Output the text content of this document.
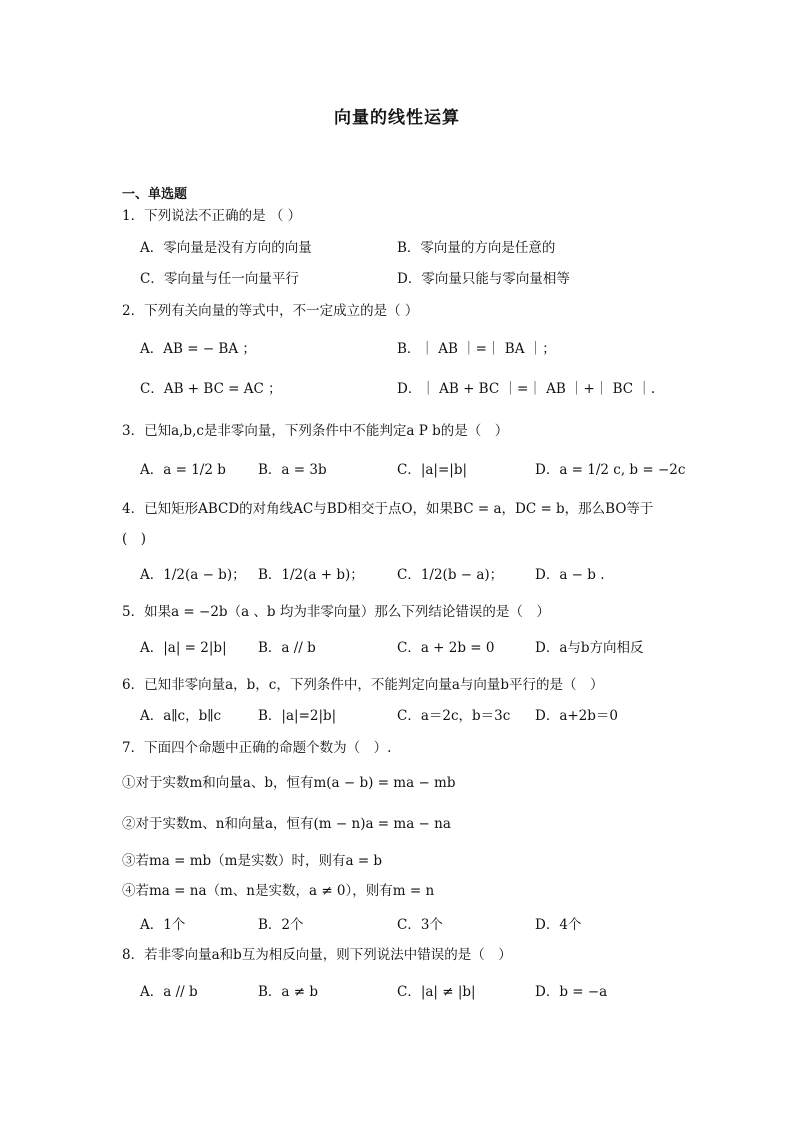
向量的线性运算
一、单选题
1．下列说法不正确的是 （ ）
A．零向量是没有方向的向量	B．零向量的方向是任意的
C．零向量与任一向量平行	D．零向量只能与零向量相等
2．下列有关向量的等式中，不一定成立的是（ ）
A．AB = − BA ；	B．｜ AB ｜=｜ BA ｜；
C．AB + BC = AC ；	D．｜ AB + BC ｜=｜ AB ｜+｜ BC ｜.
3．已知a,b,c是非零向量，下列条件中不能判定a P b的是（　）
A．a = 1/2 b B．a = 3b	C．|a|=|b|	D．a = 1/2 c, b = −2c
4．已知矩形ABCD的对角线AC与BD相交于点O，如果BC = a，DC = b，那么BO等于
(　)
A．1/2(a − b)； B．1/2(a + b)； C．1/2(b − a)； D．a − b .
5．如果a = −2b（a 、b 均为非零向量）那么下列结论错误的是（　）
A．|a| = 2|b| B．a // b	C．a + 2b = 0	D．a与b方向相反
6．已知非零向量a，b，c，下列条件中，不能判定向量a与向量b平行的是（　）
A．a∥c，b∥c	B．|a|=2|b|	C．a＝2c，b＝3c D．a+2b＝0
7．下面四个命题中正确的命题个数为（　）.
①对于实数m和向量a、b，恒有m(a − b) = ma − mb
②对于实数m、n和向量a，恒有(m − n)a = ma − na
③若ma = mb（m是实数）时，则有a = b
④若ma = na（m、n是实数，a ≠ 0），则有m = n
A．1个	B．2个	C．3个	D．4个
8．若非零向量a和b互为相反向量，则下列说法中错误的是（　）
A．a // b	B．a ≠ b	C．|a| ≠ |b|	D．b = −a
